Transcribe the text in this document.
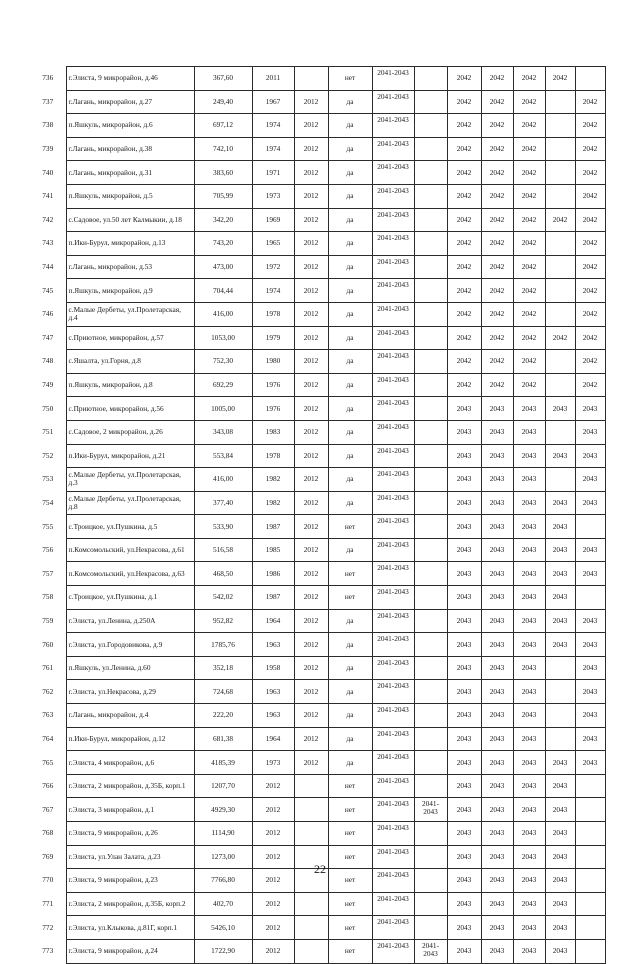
736	г.Элиста, 9 микрорайон, д.46	367,60	2011		нет	2041-2043		2042	2042	2042	2042	
737	г.Лагань, микрорайон, д.27	249,40	1967	2012	да	2041-2043		2042	2042	2042		2042
738	п.Яшкуль, микрорайон, д.6	697,12	1974	2012	да	2041-2043		2042	2042	2042		2042
739	г.Лагань, микрорайон, д.38	742,10	1974	2012	да	2041-2043		2042	2042	2042		2042
740	г.Лагань, микрорайон, д.31	383,60	1971	2012	да	2041-2043		2042	2042	2042		2042
741	п.Яшкуль, микрорайон, д.5	705,99	1973	2012	да	2041-2043		2042	2042	2042		2042
742	с.Садовое, ул.50 лет Калмыкии, д.18	342,20	1969	2012	да	2041-2043		2042	2042	2042	2042	2042
743	п.Ики-Бурул, микрорайон, д.13	743,20	1965	2012	да	2041-2043		2042	2042	2042		2042
744	г.Лагань, микрорайон, д.53	473,00	1972	2012	да	2041-2043		2042	2042	2042		2042
745	п.Яшкуль, микрорайон, д.9	704,44	1974	2012	да	2041-2043		2042	2042	2042		2042
746	с.Малые Дербеты, ул.Пролетарская, д.4	416,00	1978	2012	да	2041-2043		2042	2042	2042		2042
747	с.Приютное, микрорайон, д.57	1053,00	1979	2012	да	2041-2043		2042	2042	2042	2042	2042
748	с.Яшалта, ул.Горня, д.8	752,30	1980	2012	да	2041-2043		2042	2042	2042		2042
749	п.Яшкуль, микрорайон, д.8	692,29	1976	2012	да	2041-2043		2042	2042	2042		2042
750	с.Приютное, микрорайон, д.56	1005,00	1976	2012	да	2041-2043		2043	2043	2043	2043	2043
751	с.Садовое, 2 микрорайон, д.26	343,08	1983	2012	да	2041-2043		2043	2043	2043		2043
752	п.Ики-Бурул, микрорайон, д.21	553,84	1978	2012	да	2041-2043		2043	2043	2043	2043	2043
753	с.Малые Дербеты, ул.Пролетарская, д.3	416,00	1982	2012	да	2041-2043		2043	2043	2043		2043
754	с.Малые Дербеты, ул.Пролетарская, д.8	377,40	1982	2012	да	2041-2043		2043	2043	2043	2043	2043
755	с.Троицкое, ул.Пушкина, д.5	533,90	1987	2012	нет	2041-2043		2043	2043	2043	2043	
756	п.Комсомольский, ул.Некрасова, д.61	516,58	1985	2012	да	2041-2043		2043	2043	2043	2043	2043
757	п.Комсомольский, ул.Некрасова, д.63	468,50	1986	2012	нет	2041-2043		2043	2043	2043	2043	2043
758	с.Троицкое, ул.Пушкина, д.1	542,02	1987	2012	нет	2041-2043		2043	2043	2043	2043	
759	г.Элиста, ул.Ленина, д.250А	952,82	1964	2012	да	2041-2043		2043	2043	2043	2043	2043
760	г.Элиста, ул.Городовикова, д.9	1785,76	1963	2012	да	2041-2043		2043	2043	2043	2043	2043
761	п.Яшкуль, ул.Ленина, д.60	352,18	1958	2012	да	2041-2043		2043	2043	2043		2043
762	г.Элиста, ул.Некрасова, д.29	724,68	1963	2012	да	2041-2043		2043	2043	2043		2043
763	г.Лагань, микрорайон, д.4	222,20	1963	2012	да	2041-2043		2043	2043	2043		2043
764	п.Ики-Бурул, микрорайон, д.12	681,38	1964	2012	да	2041-2043		2043	2043	2043		2043
765	г.Элиста, 4 микрорайон, д.6	4185,39	1973	2012	да	2041-2043		2043	2043	2043	2043	2043
766	г.Элиста, 2 микрорайон, д.35Б, корп.1	1207,70	2012		нет	2041-2043		2043	2043	2043	2043	
767	г.Элиста, 3 микрорайон, д.1	4929,30	2012		нет	2041-2043	2041-2043	2043	2043	2043	2043	
768	г.Элиста, 9 микрорайон, д.26	1114,90	2012		нет	2041-2043		2043	2043	2043	2043	
769	г.Элиста, ул.Улан Залата, д.23	1273,00	2012		нет	2041-2043		2043	2043	2043	2043	
770	г.Элиста, 9 микрорайон, д.23	7766,80	2012		нет	2041-2043		2043	2043	2043	2043	
771	г.Элиста, 2 микрорайон, д.35Б, корп.2	402,70	2012		нет	2041-2043		2043	2043	2043	2043	
772	г.Элиста, ул.Клыкова, д.81Г, корп.1	5426,10	2012		нет	2041-2043		2043	2043	2043	2043	
773	г.Элиста, 9 микрорайон, д.24	1722,90	2012		нет	2041-2043	2041-2043	2043	2043	2043	2043	
22
